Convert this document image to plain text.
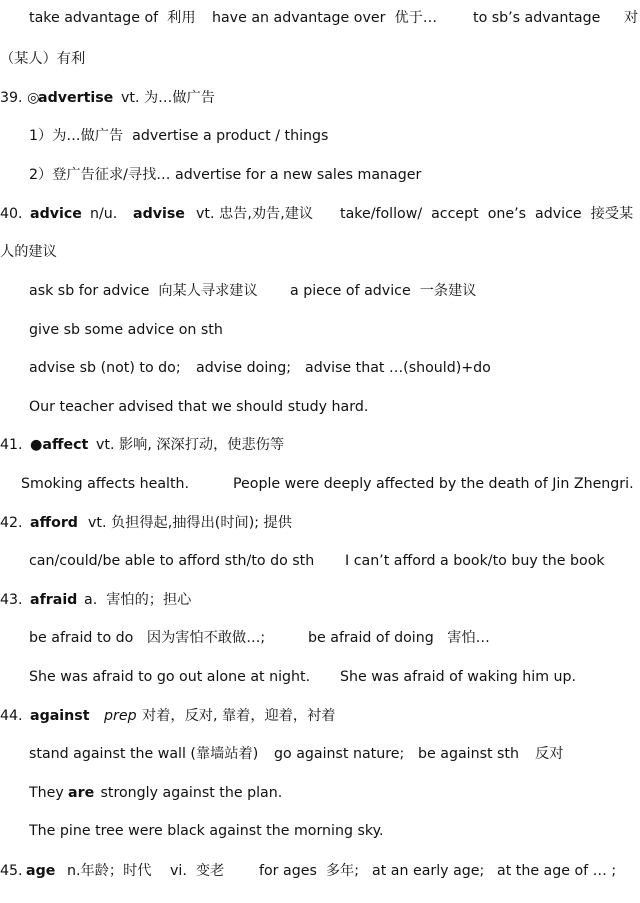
take advantage of  利用 have an advantage over  优于…	to sb’s advantage 对
（某人）有利
39. ◎
advertise vt. 为…做广告
1）为…做广告  advertise a product / things
2）登广告征求/寻找… advertise for a new sales manager
40. advice n/u. advise vt. 忠告,劝告,建议 take/follow/  accept  one’s  advice  接受某
人的建议
ask sb for advice  向某人寻求建议 a piece of advice  一条建议
give sb some advice on sth
advise sb (not) to do; advise doing; advise that …(should)+do
Our teacher advised that we should study hard.
41. ●affect vt. 影响, 深深打动，使悲伤等
Smoking affects health.	People were deeply affected by the death of Jin Zhengri.
42. afford vt. 负担得起,抽得出(时间); 提供
can/could/be able to afford sth/to do sth I can’t afford a book/to buy the book
43. afraid a.  害怕的；担心
be afraid to do   因为害怕不敢做…;	be afraid of doing   害怕…
She was afraid to go out alone at night. She was afraid of waking him up.
44. against prep 对着，反对, 靠着，迎着，衬着
stand against the wall (靠墙站着) go against nature; be against sth 反对
They are strongly against the plan.
The pine tree were black against the morning sky.
45.
age n.年龄；时代 vi.  变老 for ages  多年; at an early age; at the age of … ;
